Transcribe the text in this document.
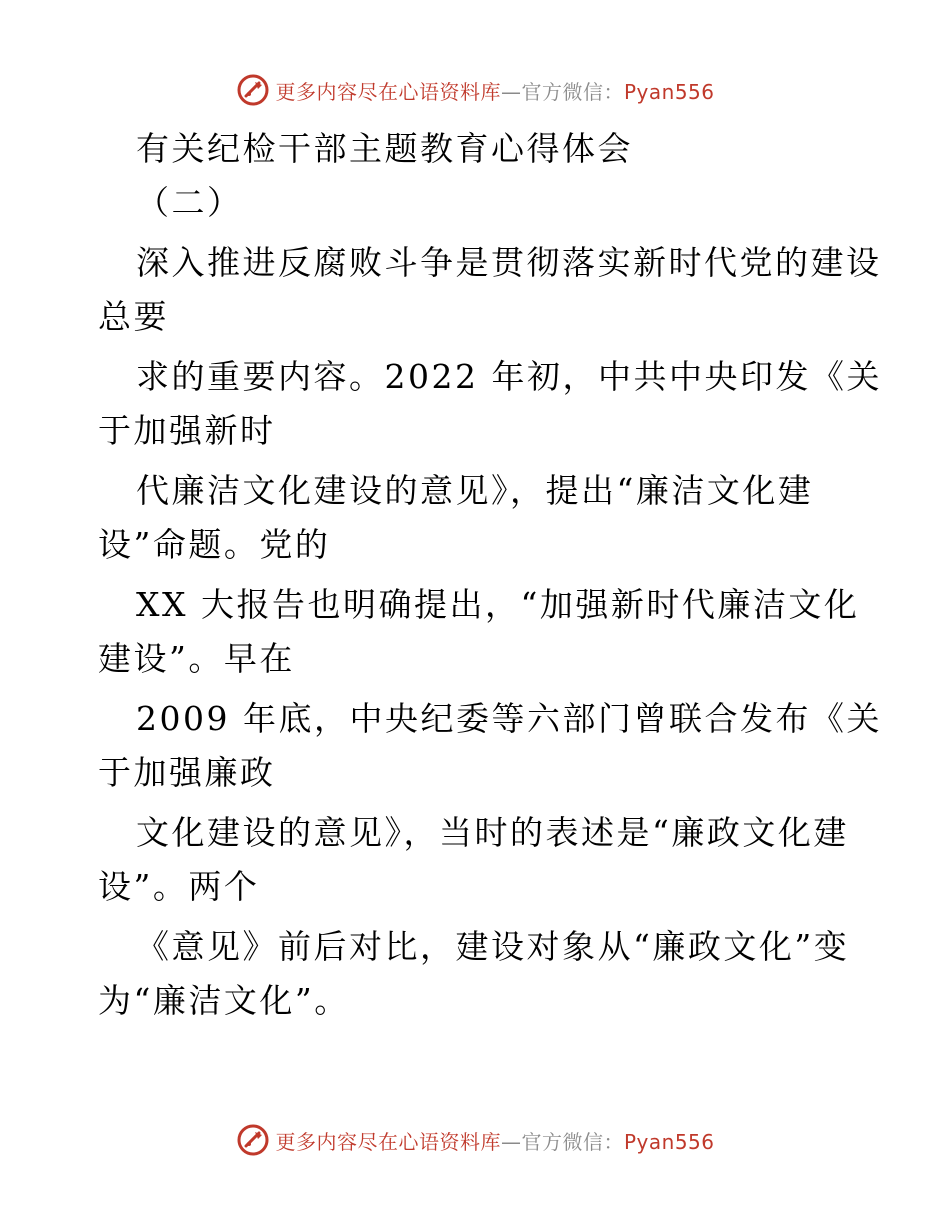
更多内容尽在心语资料库—官方微信：Pyan556
有关纪检干部主题教育心得体会
（二）
深入推进反腐败斗争是贯彻落实新时代党的建设
总要
求的重要内容。2022 年初，中共中央印发《关
于加强新时
代廉洁文化建设的意见》，提出“廉洁文化建
设”命题。党的
XX 大报告也明确提出，“加强新时代廉洁文化
建设”。早在
2009 年底，中央纪委等六部门曾联合发布《关
于加强廉政
文化建设的意见》，当时的表述是“廉政文化建
设”。两个
《意见》前后对比，建设对象从“廉政文化”变
为“廉洁文化”。
更多内容尽在心语资料库—官方微信：Pyan556
